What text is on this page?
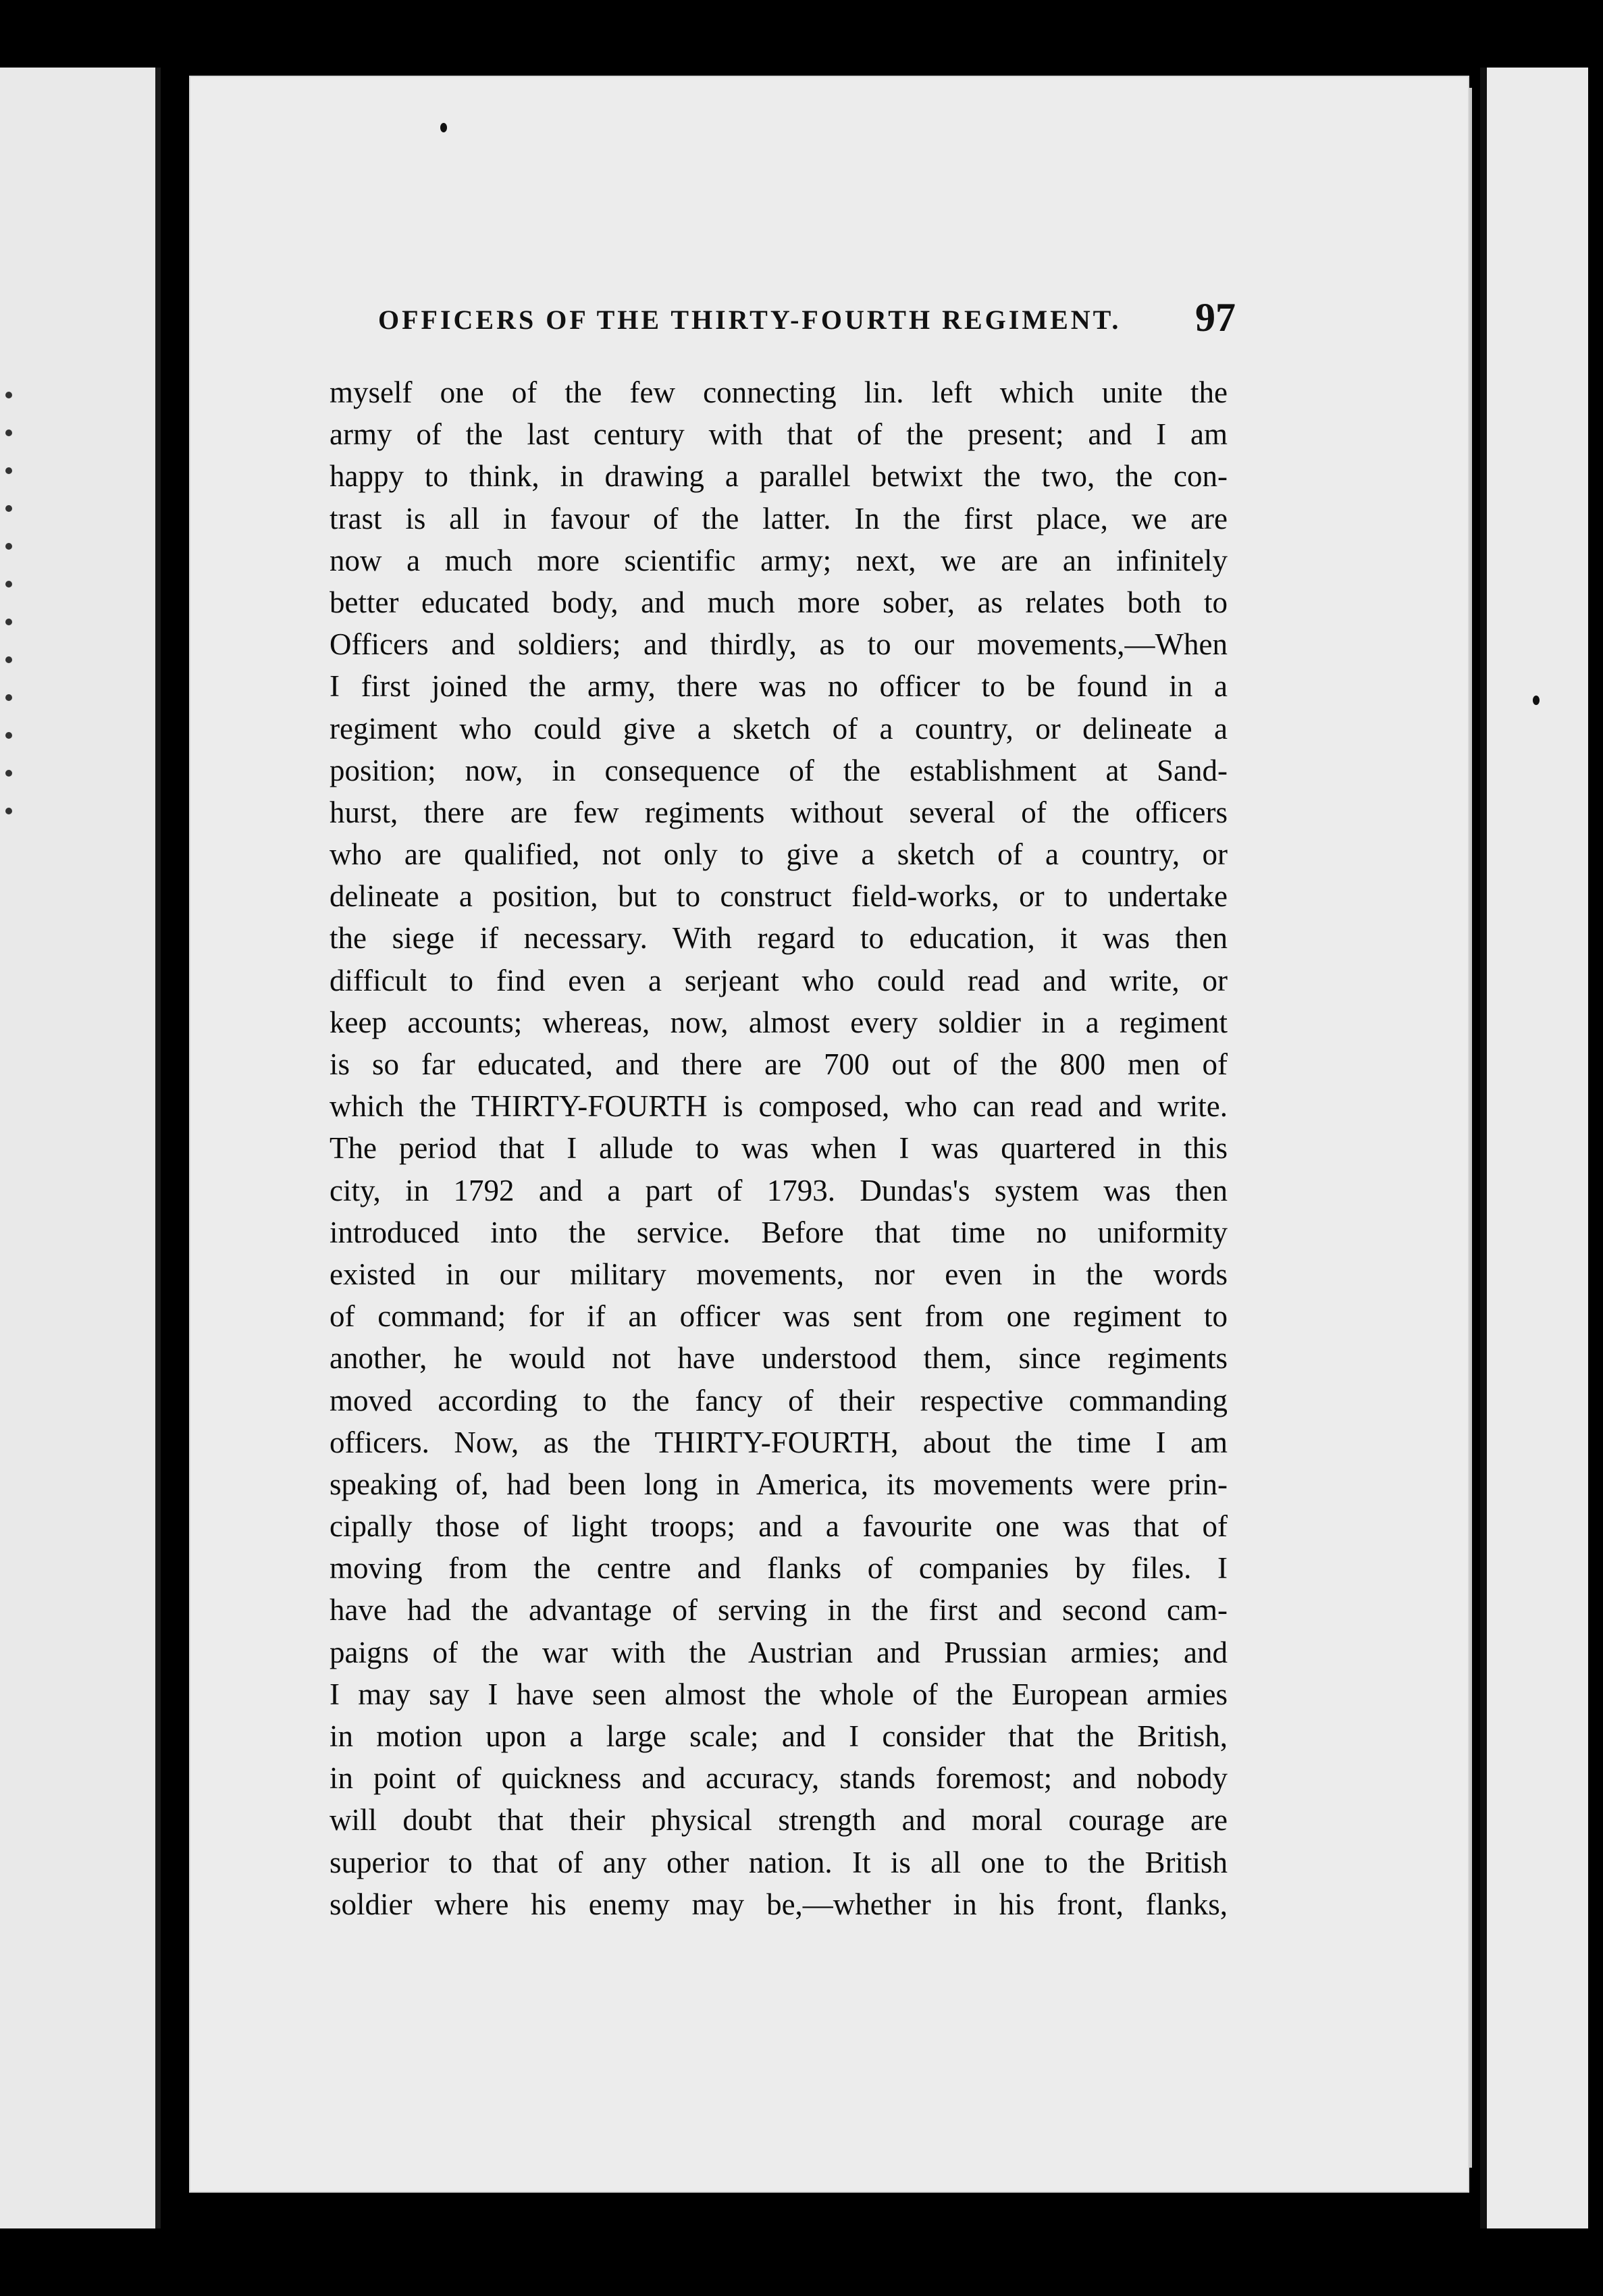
OFFICERS OF THE THIRTY-FOURTH REGIMENT. 97
myself one of the few connecting lin. left which unite the
army of the last century with that of the present; and I am
happy to think, in drawing a parallel betwixt the two, the con-
trast is all in favour of the latter. In the first place, we are
now a much more scientific army; next, we are an infinitely
better educated body, and much more sober, as relates both to
Officers and soldiers; and thirdly, as to our movements,—When
I first joined the army, there was no officer to be found in a
regiment who could give a sketch of a country, or delineate a
position; now, in consequence of the establishment at Sand-
hurst, there are few regiments without several of the officers
who are qualified, not only to give a sketch of a country, or
delineate a position, but to construct field-works, or to undertake
the siege if necessary. With regard to education, it was then
difficult to find even a serjeant who could read and write, or
keep accounts; whereas, now, almost every soldier in a regiment
is so far educated, and there are 700 out of the 800 men of
which the THIRTY-FOURTH is composed, who can read and write.
The period that I allude to was when I was quartered in this
city, in 1792 and a part of 1793. Dundas's system was then
introduced into the service. Before that time no uniformity
existed in our military movements, nor even in the words
of command; for if an officer was sent from one regiment to
another, he would not have understood them, since regiments
moved according to the fancy of their respective commanding
officers. Now, as the THIRTY-FOURTH, about the time I am
speaking of, had been long in America, its movements were prin-
cipally those of light troops; and a favourite one was that of
moving from the centre and flanks of companies by files. I
have had the advantage of serving in the first and second cam-
paigns of the war with the Austrian and Prussian armies; and
I may say I have seen almost the whole of the European armies
in motion upon a large scale; and I consider that the British,
in point of quickness and accuracy, stands foremost; and nobody
will doubt that their physical strength and moral courage are
superior to that of any other nation. It is all one to the British
soldier where his enemy may be,—whether in his front, flanks,
